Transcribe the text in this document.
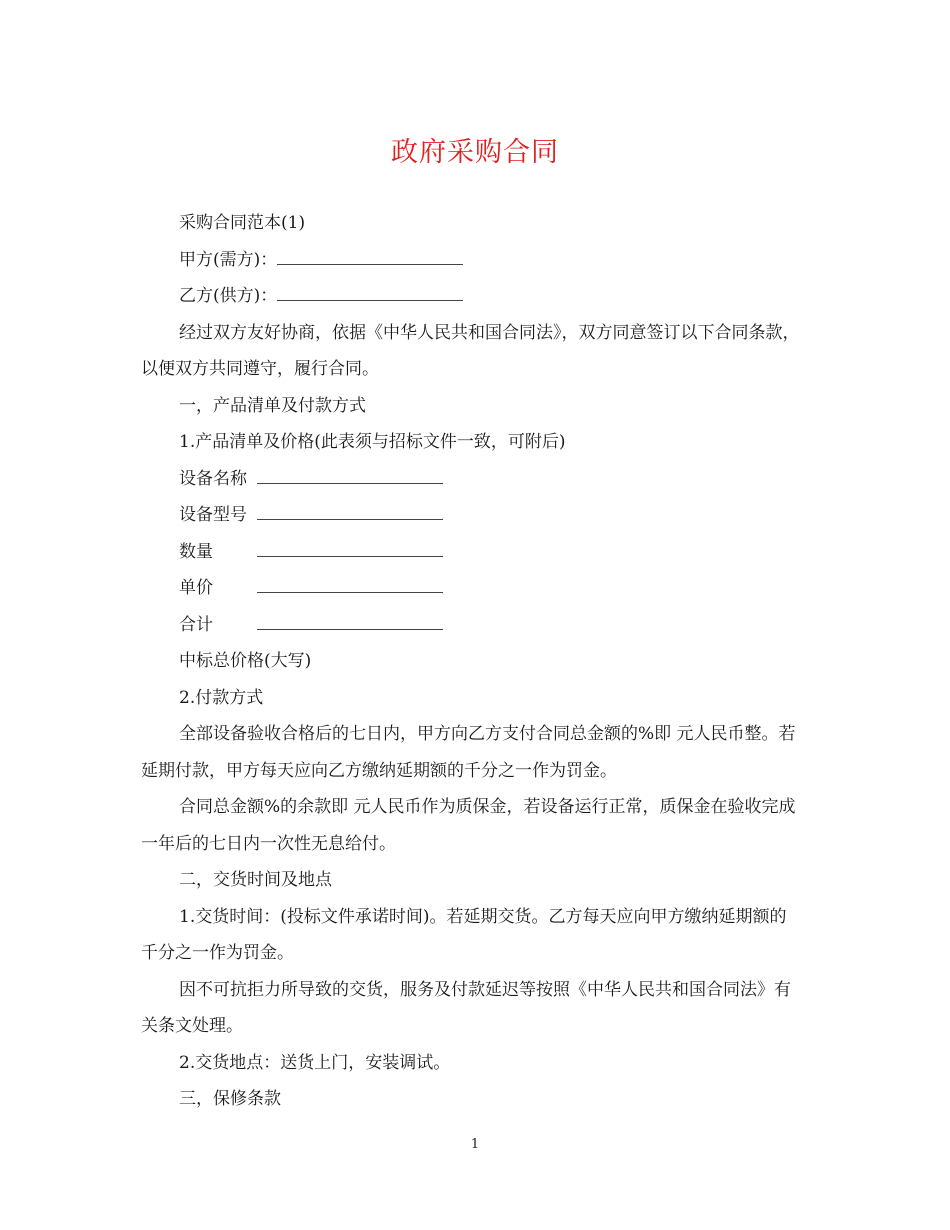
政府采购合同

采购合同范本(1)

甲方(需方)：

乙方(供方)：

经过双方友好协商，依据《中华人民共和国合同法》，双方同意签订以下合同条款，以便双方共同遵守，履行合同。

一，产品清单及付款方式

1.产品清单及价格(此表须与招标文件一致，可附后)

设备名称

设备型号

数量

单价

合计

中标总价格(大写)

2.付款方式

全部设备验收合格后的七日内，甲方向乙方支付合同总金额的%即 元人民币整。若延期付款，甲方每天应向乙方缴纳延期额的千分之一作为罚金。

合同总金额%的余款即 元人民币作为质保金，若设备运行正常，质保金在验收完成一年后的七日内一次性无息给付。

二，交货时间及地点

1.交货时间：(投标文件承诺时间)。若延期交货。乙方每天应向甲方缴纳延期额的千分之一作为罚金。

因不可抗拒力所导致的交货，服务及付款延迟等按照《中华人民共和国合同法》有关条文处理。

2.交货地点：送货上门，安装调试。

三，保修条款

1
